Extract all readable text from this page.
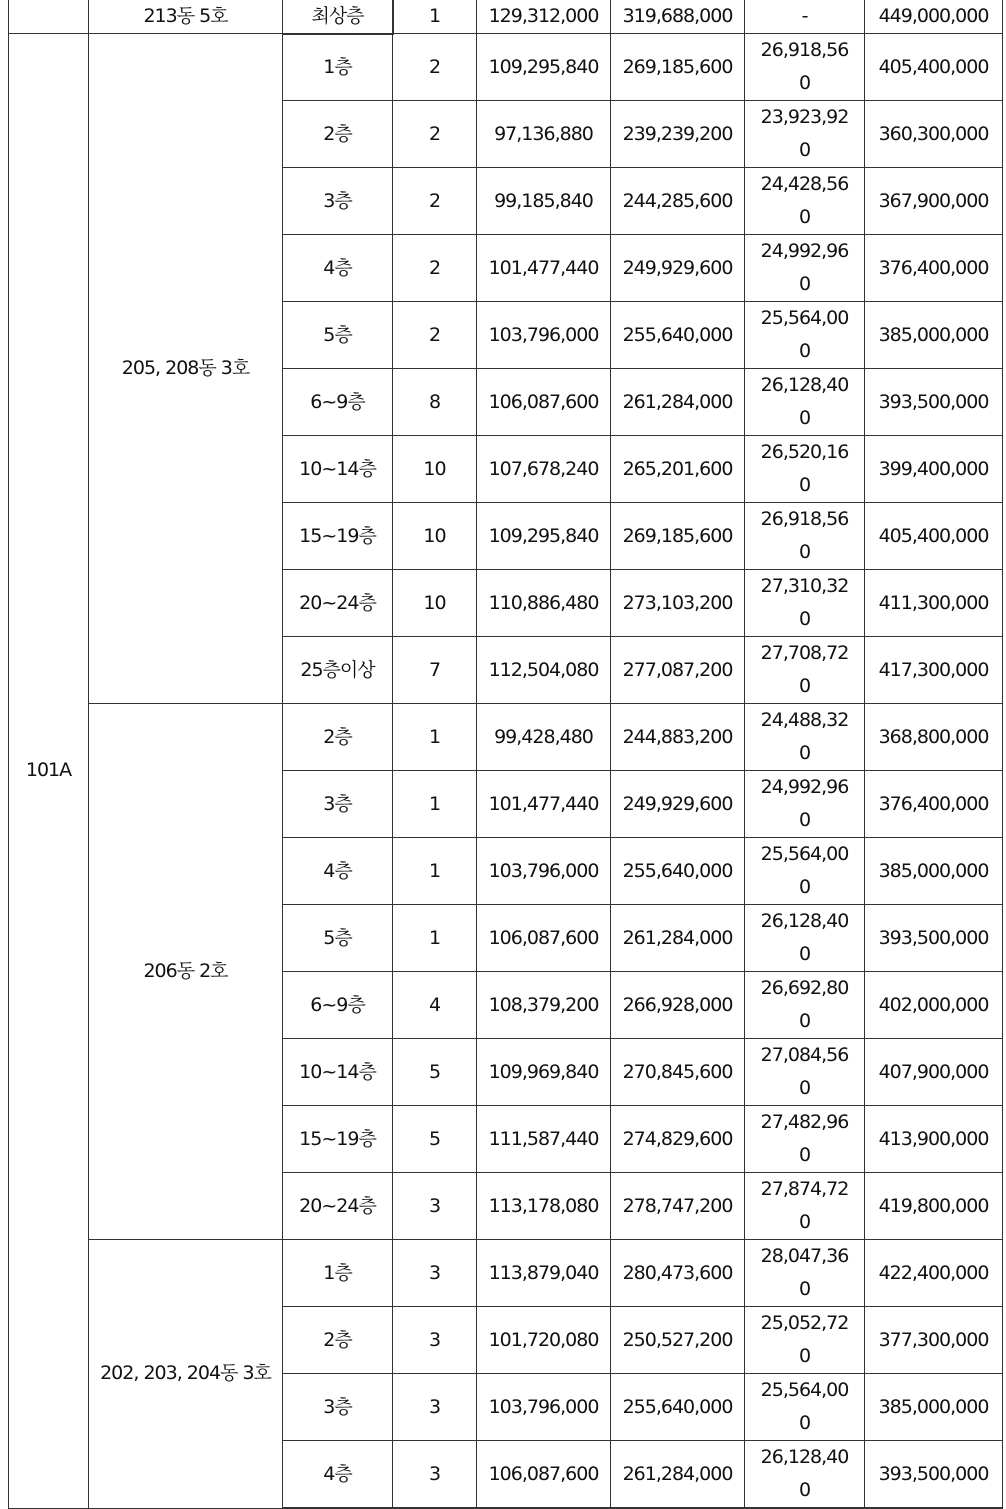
	213동 5호	최상층	1	129,312,000	319,688,000	-	449,000,000
101A	205, 208동 3호	1층	2	109,295,840	269,185,600	26,918,560	405,400,000
		2층	2	97,136,880	239,239,200	23,923,920	360,300,000
		3층	2	99,185,840	244,285,600	24,428,560	367,900,000
		4층	2	101,477,440	249,929,600	24,992,960	376,400,000
		5층	2	103,796,000	255,640,000	25,564,000	385,000,000
		6~9층	8	106,087,600	261,284,000	26,128,400	393,500,000
		10~14층	10	107,678,240	265,201,600	26,520,160	399,400,000
		15~19층	10	109,295,840	269,185,600	26,918,560	405,400,000
		20~24층	10	110,886,480	273,103,200	27,310,320	411,300,000
		25층이상	7	112,504,080	277,087,200	27,708,720	417,300,000
	206동 2호	2층	1	99,428,480	244,883,200	24,488,320	368,800,000
		3층	1	101,477,440	249,929,600	24,992,960	376,400,000
		4층	1	103,796,000	255,640,000	25,564,000	385,000,000
		5층	1	106,087,600	261,284,000	26,128,400	393,500,000
		6~9층	4	108,379,200	266,928,000	26,692,800	402,000,000
		10~14층	5	109,969,840	270,845,600	27,084,560	407,900,000
		15~19층	5	111,587,440	274,829,600	27,482,960	413,900,000
		20~24층	3	113,178,080	278,747,200	27,874,720	419,800,000
	202, 203, 204동 3호	1층	3	113,879,040	280,473,600	28,047,360	422,400,000
		2층	3	101,720,080	250,527,200	25,052,720	377,300,000
		3층	3	103,796,000	255,640,000	25,564,000	385,000,000
		4층	3	106,087,600	261,284,000	26,128,400	393,500,000
